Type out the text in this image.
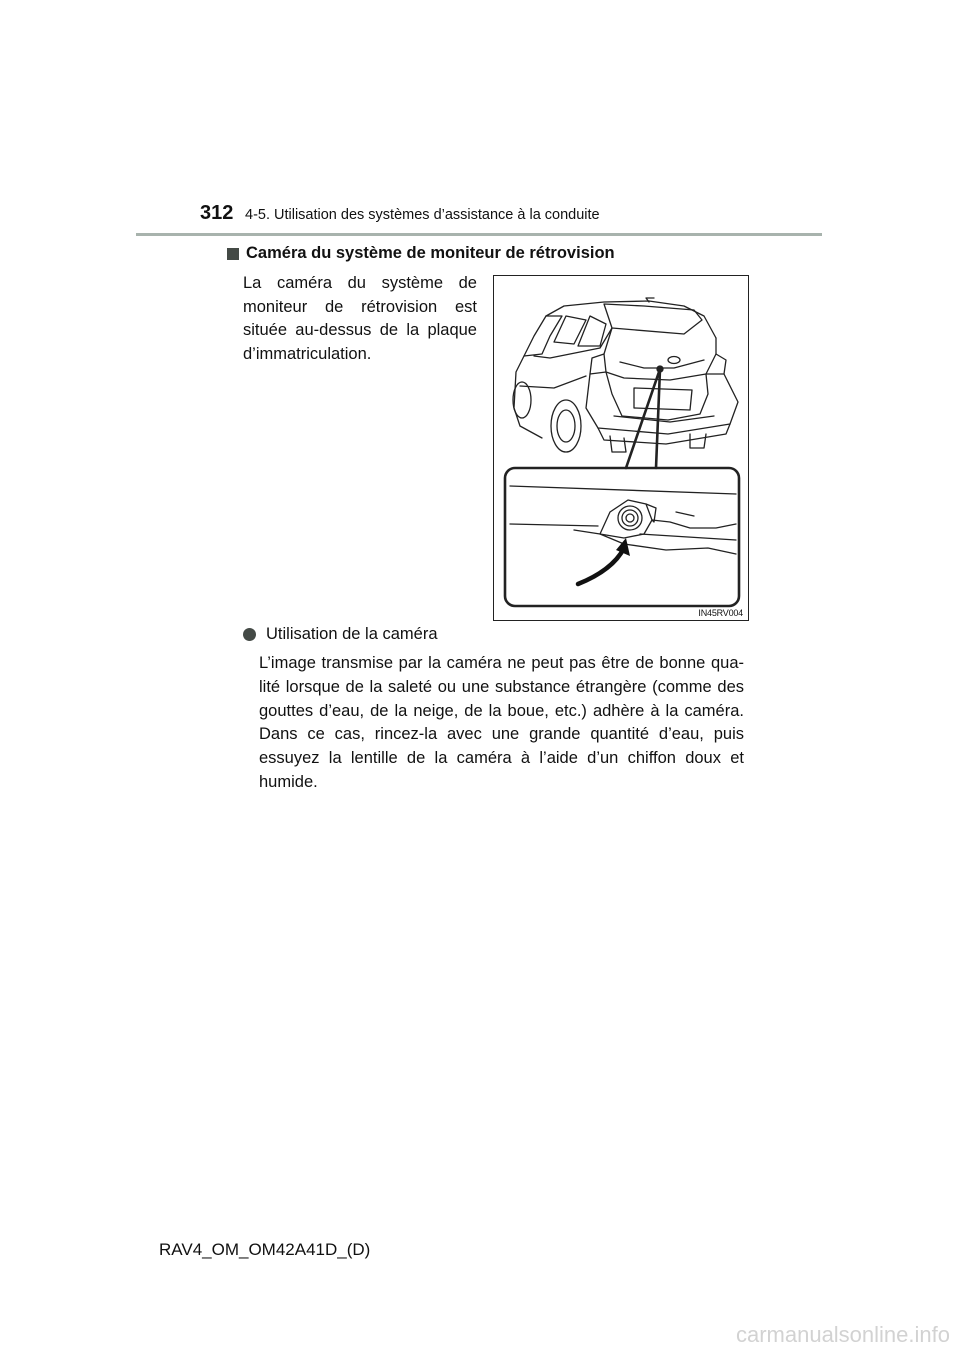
312 4-5. Utilisation des systèmes d’assistance à la conduite
Caméra du système de moniteur de rétrovision
La caméra du système de
moniteur de rétrovision est
située au-dessus de la plaque
d’immatriculation.
IN45RV004
Utilisation de la caméra
L’image transmise par la caméra ne peut pas être de bonne qua-
lité lorsque de la saleté ou une substance étrangère (comme des
gouttes d’eau, de la neige, de la boue, etc.) adhère à la caméra.
Dans ce cas, rincez-la avec une grande quantité d’eau, puis
essuyez la lentille de la caméra à l’aide d’un chiffon doux et
humide.
RAV4_OM_OM42A41D_(D)
carmanualsonline.info
